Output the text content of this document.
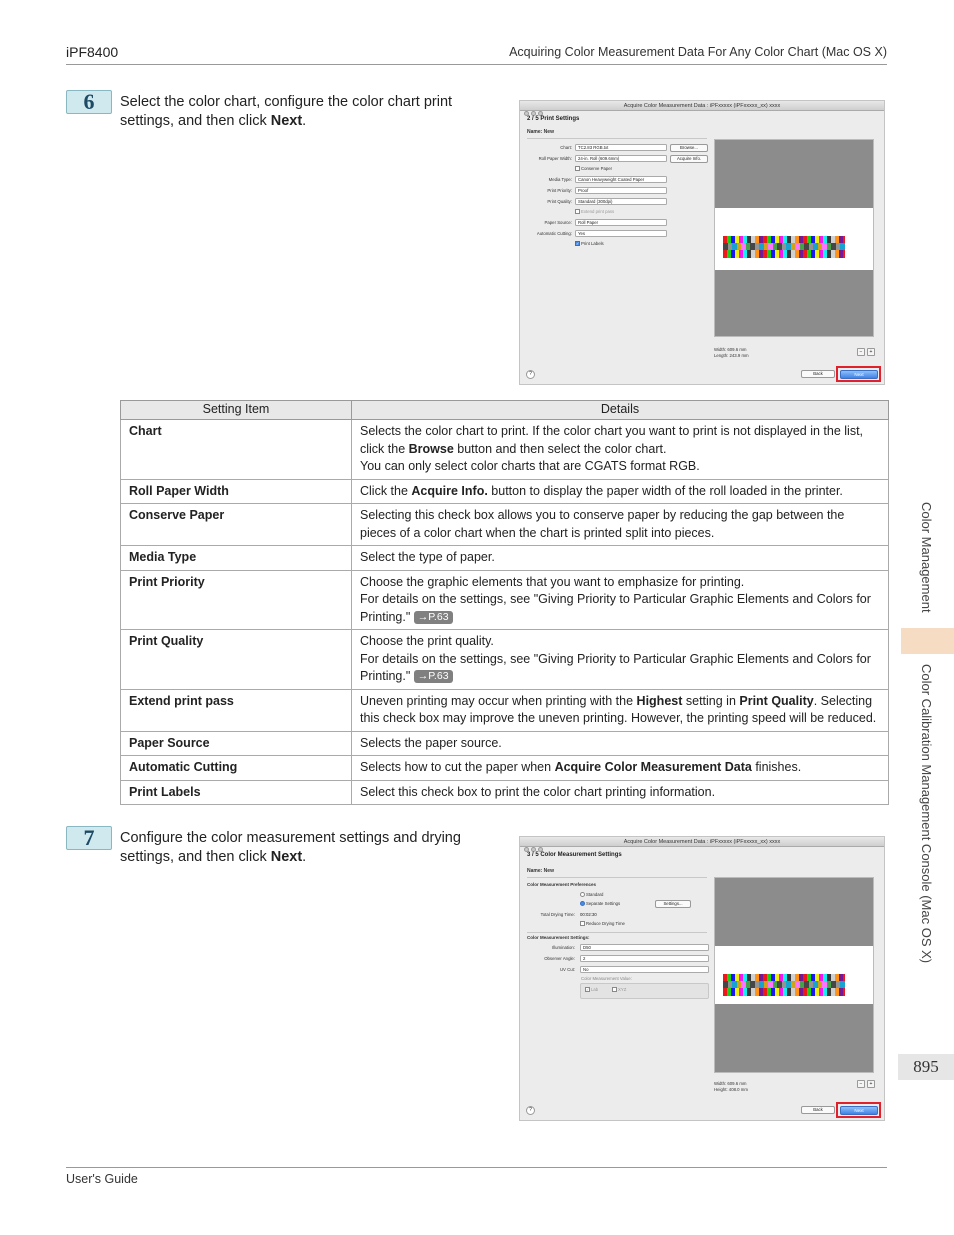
iPF8400	Acquiring Color Measurement Data For Any Color Chart (Mac OS X)
6	Select the color chart, configure the color chart print settings, and then click Next.
Acquire Color Measurement Data : iPFxxxxx (iPFxxxxx_xx) xxxx
2 / 5 Print Settings
Name: New
Chart:	TC2.83 RGB.txt	Browse...
Roll Paper Width:	24-in. Roll (609.6mm)	Acquire Info.
Conserve Paper
Media Type:	Canon Heavyweight Coated Paper
Print Priority:	Proof
Print Quality:	Standard (300dpi)
Extend print pass
Paper Source:	Roll Paper
Automatic Cutting:	Yes
✓ Print Labels
Width: 609.6 mm
Length: 243.9 mm
−	+
?	Back	Next
Setting Item	Details
Chart	Selects the color chart to print. If the color chart you want to print is not displayed in the list, click the Browse button and then select the color chart.
You can only select color charts that are CGATS format RGB.
Roll Paper Width	Click the Acquire Info. button to display the paper width of the roll loaded in the printer.
Conserve Paper	Selecting this check box allows you to conserve paper by reducing the gap between the pieces of a color chart when the chart is printed split into pieces.
Media Type	Select the type of paper.
Print Priority	Choose the graphic elements that you want to emphasize for printing.
For details on the settings, see "Giving Priority to Particular Graphic Elements and Colors for Printing." →P.63
Print Quality	Choose the print quality.
For details on the settings, see "Giving Priority to Particular Graphic Elements and Colors for Printing." →P.63
Extend print pass	Uneven printing may occur when printing with the Highest setting in Print Quality. Selecting this check box may improve the uneven printing. However, the printing speed will be reduced.
Paper Source	Selects the paper source.
Automatic Cutting	Selects how to cut the paper when Acquire Color Measurement Data finishes.
Print Labels	Select this check box to print the color chart printing information.
7	Configure the color measurement settings and drying settings, and then click Next.
Acquire Color Measurement Data : iPFxxxxx (iPFxxxxx_xx) xxxx
3 / 5 Color Measurement Settings
Name: New
Color Measurement Preferences
Standard
Separate Settings	Settings...
Total Drying Time: 00:02:30
Reduce Drying Time
Color Measurement Settings:
Illumination:	D50
Observer Angle:	2
UV Cut:	No
Color Measurement Value:
✓ Lab	XYZ
Width: 609.6 mm
Height: 408.0 mm
−	+
?	Back	Next
Color Management
Color Calibration Management Console (Mac OS X)
895
User's Guide
